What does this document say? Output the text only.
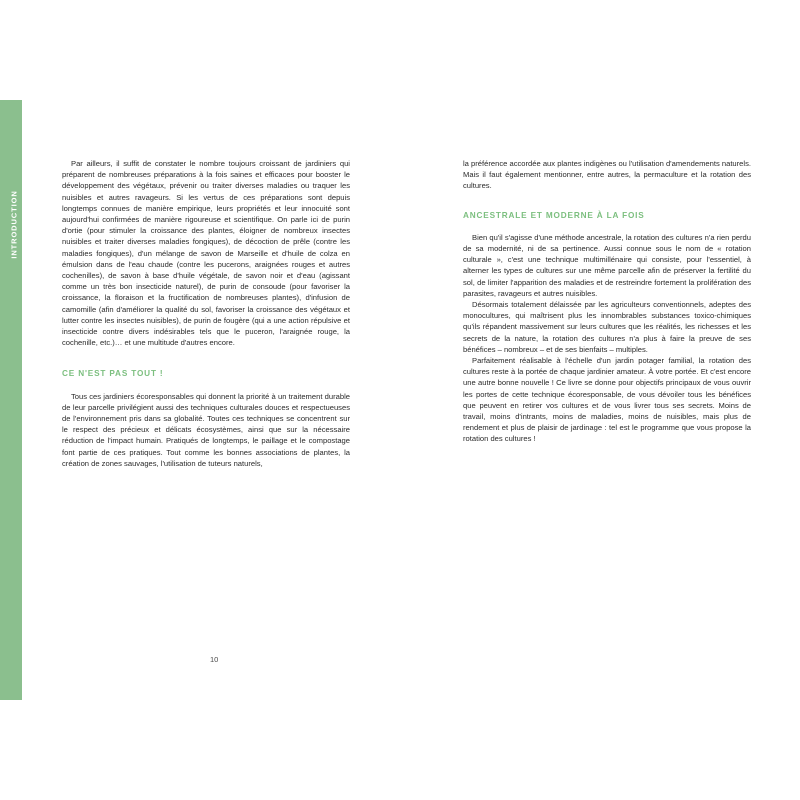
INTRODUCTION

Par ailleurs, il suffit de constater le nombre toujours croissant de jardiniers qui préparent de nombreuses préparations à la fois saines et efficaces pour booster le développement des végétaux, prévenir ou traiter diverses maladies ou traquer les nuisibles et autres ravageurs. Si les vertus de ces préparations sont depuis longtemps connues de manière empirique, leurs propriétés et leur innocuité sont aujourd'hui confirmées de manière rigoureuse et scientifique. On parle ici de purin d'ortie (pour stimuler la croissance des plantes, éloigner de nombreux insectes nuisibles et traiter diverses maladies fongiques), de décoction de prêle (contre les maladies fongiques), d'un mélange de savon de Marseille et d'huile de colza en émulsion dans de l'eau chaude (contre les pucerons, araignées rouges et autres cochenilles), de savon à base d'huile végétale, de savon noir et d'eau (agissant comme un très bon insecticide naturel), de purin de consoude (pour favoriser la croissance, la floraison et la fructification de nombreuses plantes), d'infusion de camomille (afin d'améliorer la qualité du sol, favoriser la croissance des végétaux et lutter contre les insectes nuisibles), de purin de fougère (qui a une action répulsive et insecticide contre divers indésirables tels que le puceron, l'araignée rouge, la cochenille, etc.)… et une multitude d'autres encore.

CE N'EST PAS TOUT !

Tous ces jardiniers écoresponsables qui donnent la priorité à un traitement durable de leur parcelle privilégient aussi des techniques culturales douces et respectueuses de l'environnement pris dans sa globalité. Toutes ces techniques se concentrent sur le respect des précieux et délicats écosystèmes, ainsi que sur la nécessaire réduction de l'impact humain. Pratiqués de longtemps, le paillage et le compostage font partie de ces pratiques. Tout comme les bonnes associations de plantes, la création de zones sauvages, l'utilisation de tuteurs naturels,

10

la préférence accordée aux plantes indigènes ou l'utilisation d'amendements naturels. Mais il faut également mentionner, entre autres, la permaculture et la rotation des cultures.

ANCESTRALE ET MODERNE À LA FOIS

Bien qu'il s'agisse d'une méthode ancestrale, la rotation des cultures n'a rien perdu de sa modernité, ni de sa pertinence. Aussi connue sous le nom de « rotation culturale », c'est une technique multimillénaire qui consiste, pour l'essentiel, à alterner les types de cultures sur une même parcelle afin de préserver la fertilité du sol, de limiter l'apparition des maladies et de restreindre fortement la prolifération des parasites, ravageurs et autres nuisibles.

Désormais totalement délaissée par les agriculteurs conventionnels, adeptes des monocultures, qui maîtrisent plus les innombrables substances toxico-chimiques qu'ils répandent massivement sur leurs cultures que les réalités, les richesses et les secrets de la nature, la rotation des cultures n'a plus à faire la preuve de ses bénéfices – nombreux – et de ses bienfaits – multiples.

Parfaitement réalisable à l'échelle d'un jardin potager familial, la rotation des cultures reste à la portée de chaque jardinier amateur. À votre portée. Et c'est encore une autre bonne nouvelle ! Ce livre se donne pour objectifs principaux de vous ouvrir les portes de cette technique écoresponsable, de vous dévoiler tous les bénéfices que peuvent en retirer vos cultures et de vous livrer tous ses secrets. Moins de travail, moins d'intrants, moins de maladies, moins de nuisibles, mais plus de rendement et plus de plaisir de jardinage : tel est le programme que vous propose la rotation des cultures !
